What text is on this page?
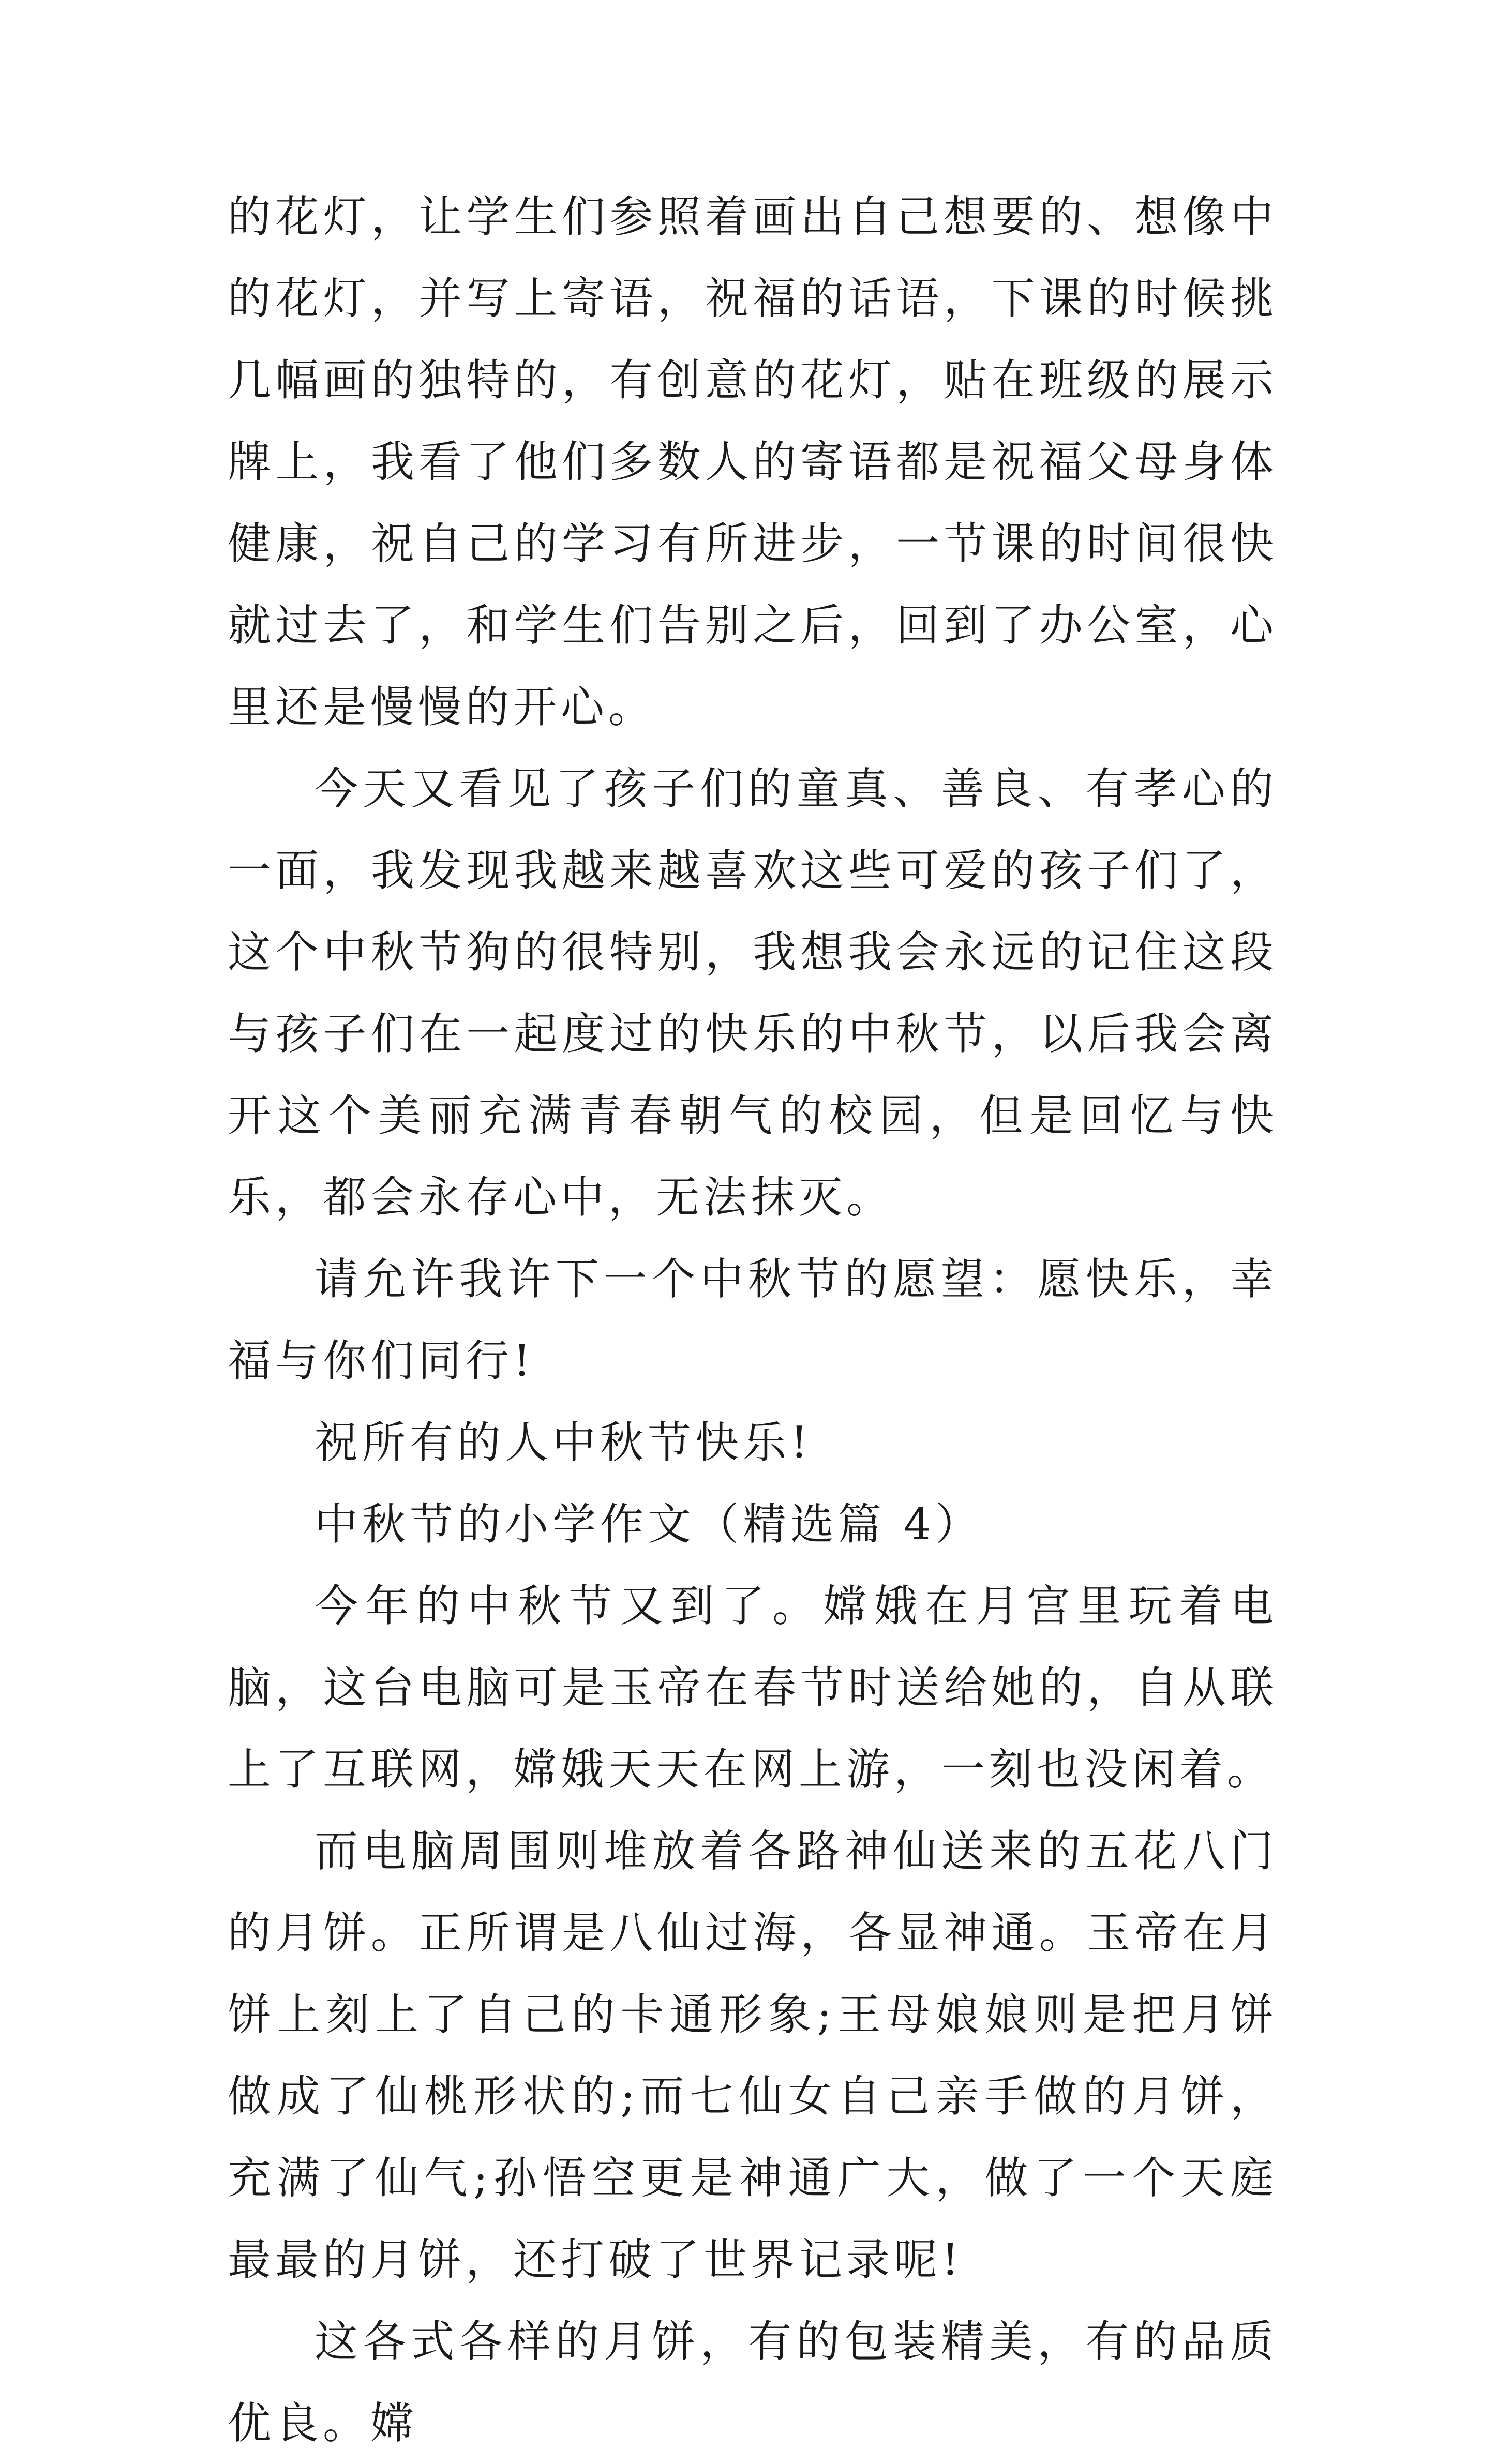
的花灯，让学生们参照着画出自己想要的、想像中的花灯，并写上寄语，祝福的话语，下课的时候挑几幅画的独特的，有创意的花灯，贴在班级的展示牌上，我看了他们多数人的寄语都是祝福父母身体健康，祝自己的学习有所进步，一节课的时间很快就过去了，和学生们告别之后，回到了办公室，心里还是慢慢的开心。

今天又看见了孩子们的童真、善良、有孝心的一面，我发现我越来越喜欢这些可爱的孩子们了，这个中秋节狗的很特别，我想我会永远的记住这段与孩子们在一起度过的快乐的中秋节，以后我会离开这个美丽充满青春朝气的校园，但是回忆与快乐，都会永存心中，无法抹灭。

请允许我许下一个中秋节的愿望：愿快乐，幸福与你们同行!

祝所有的人中秋节快乐!

中秋节的小学作文（精选篇 4）

今年的中秋节又到了。嫦娥在月宫里玩着电脑，这台电脑可是玉帝在春节时送给她的，自从联上了互联网，嫦娥天天在网上游，一刻也没闲着。

而电脑周围则堆放着各路神仙送来的五花八门的月饼。正所谓是八仙过海，各显神通。玉帝在月饼上刻上了自己的卡通形象;王母娘娘则是把月饼做成了仙桃形状的;而七仙女自己亲手做的月饼，充满了仙气;孙悟空更是神通广大，做了一个天庭最最的月饼，还打破了世界记录呢!

这各式各样的月饼，有的包装精美，有的品质优良。嫦
